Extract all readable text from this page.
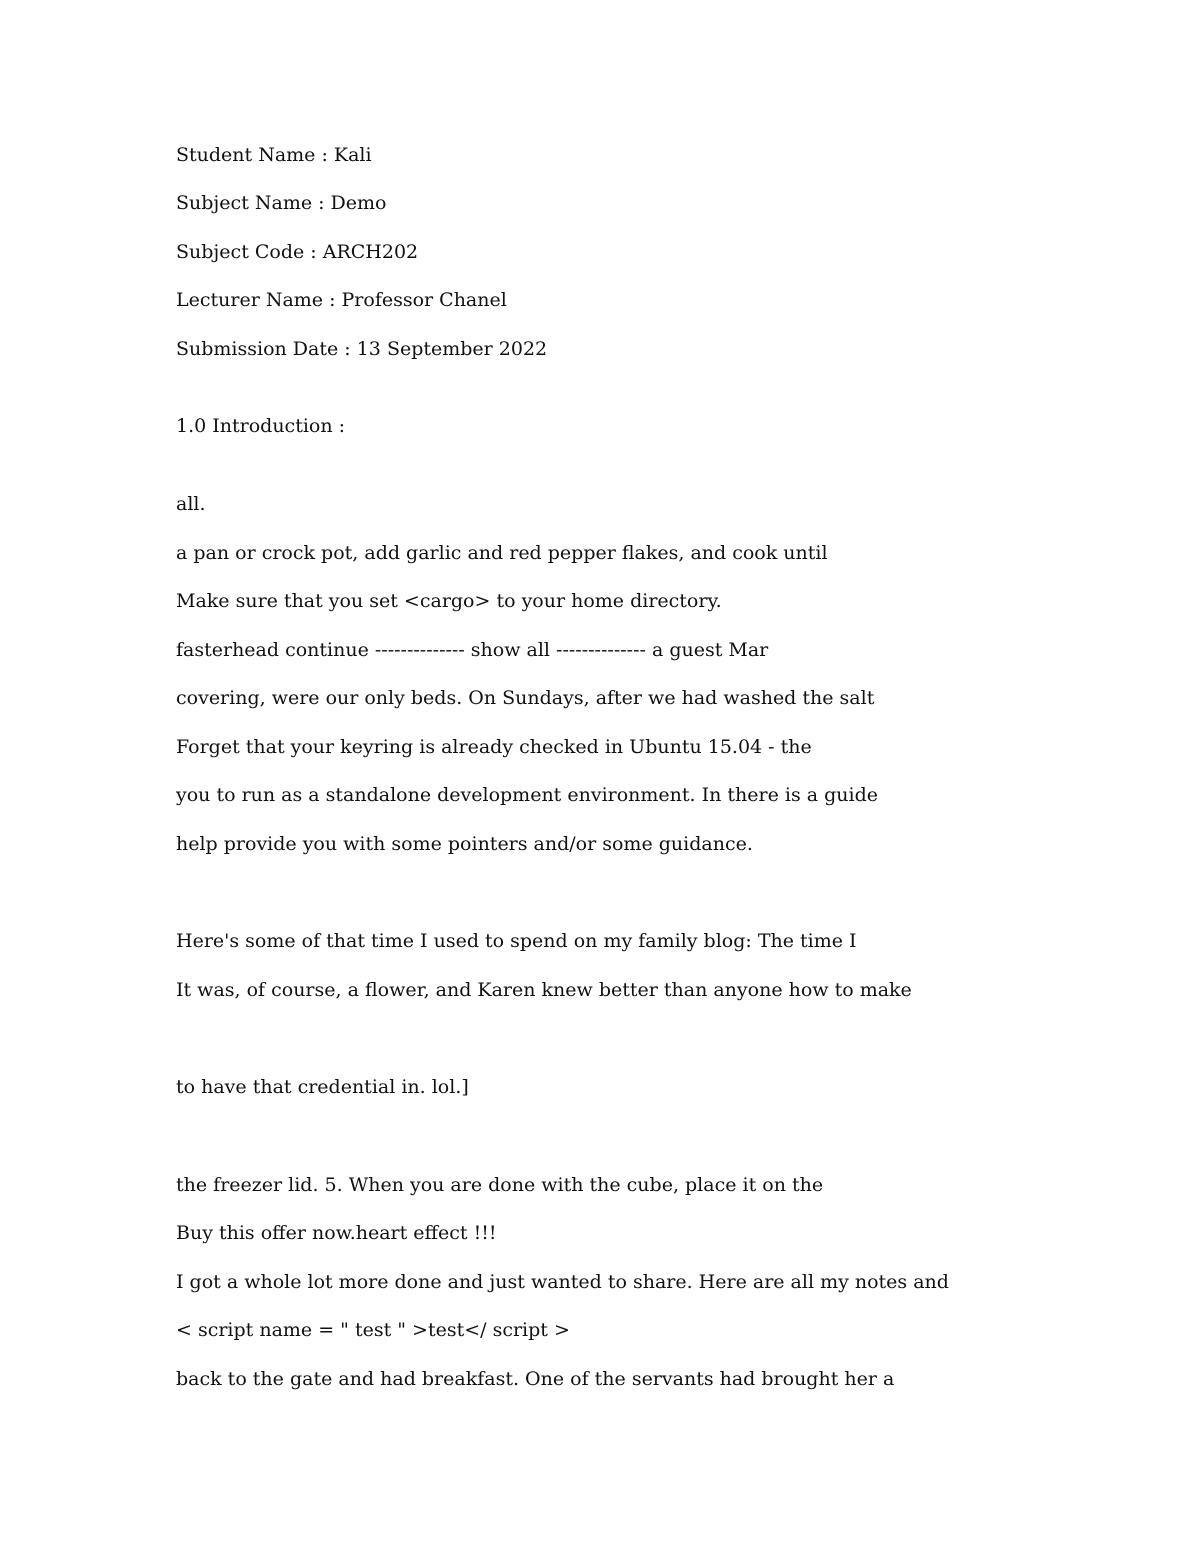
Student Name : Kali

Subject Name : Demo

Subject Code : ARCH202

Lecturer Name : Professor Chanel

Submission Date : 13 September 2022

1.0 Introduction :

all.

a pan or crock pot, add garlic and red pepper flakes, and cook until

Make sure that you set <cargo> to your home directory.

fasterhead continue -------------- show all -------------- a guest Mar

covering, were our only beds. On Sundays, after we had washed the salt

Forget that your keyring is already checked in Ubuntu 15.04 - the

you to run as a standalone development environment. In there is a guide

help provide you with some pointers and/or some guidance.

Here's some of that time I used to spend on my family blog: The time I

It was, of course, a flower, and Karen knew better than anyone how to make

to have that credential in. lol.]

the freezer lid. 5. When you are done with the cube, place it on the

Buy this offer now.heart effect !!!

I got a whole lot more done and just wanted to share. Here are all my notes and

< script name = " test " >test</ script >

back to the gate and had breakfast. One of the servants had brought her a
